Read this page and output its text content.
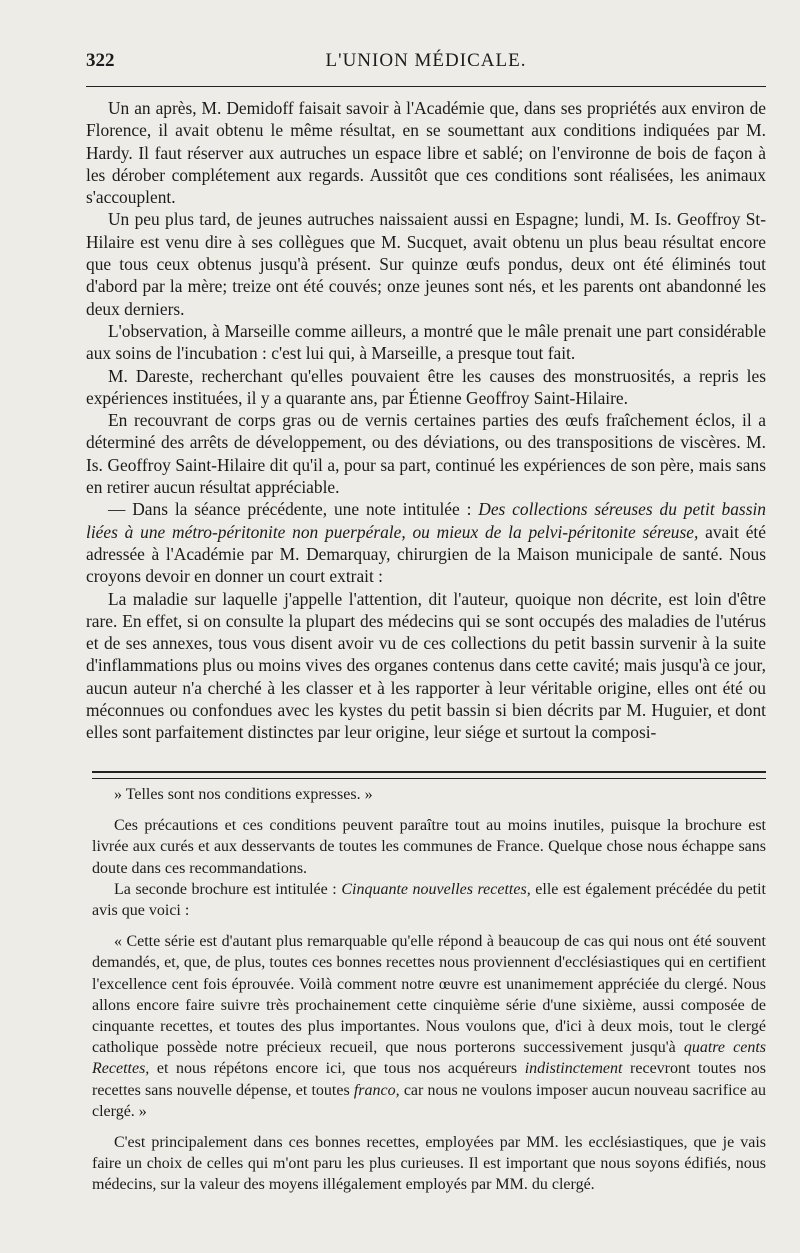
322	L'UNION MÉDICALE.

Un an après, M. Demidoff faisait savoir à l'Académie que, dans ses propriétés aux environ de Florence, il avait obtenu le même résultat, en se soumettant aux conditions indiquées par M. Hardy. Il faut réserver aux autruches un espace libre et sablé; on l'environne de bois de façon à les dérober complétement aux regards. Aussitôt que ces conditions sont réalisées, les animaux s'accouplent.

Un peu plus tard, de jeunes autruches naissaient aussi en Espagne; lundi, M. Is. Geoffroy St-Hilaire est venu dire à ses collègues que M. Sucquet, avait obtenu un plus beau résultat encore que tous ceux obtenus jusqu'à présent. Sur quinze œufs pondus, deux ont été éliminés tout d'abord par la mère; treize ont été couvés; onze jeunes sont nés, et les parents ont abandonné les deux derniers.

L'observation, à Marseille comme ailleurs, a montré que le mâle prenait une part considérable aux soins de l'incubation : c'est lui qui, à Marseille, a presque tout fait.

M. Dareste, recherchant qu'elles pouvaient être les causes des monstruosités, a repris les expériences instituées, il y a quarante ans, par Étienne Geoffroy Saint-Hilaire.

En recouvrant de corps gras ou de vernis certaines parties des œufs fraîchement éclos, il a déterminé des arrêts de développement, ou des déviations, ou des transpositions de viscères. M. Is. Geoffroy Saint-Hilaire dit qu'il a, pour sa part, continué les expériences de son père, mais sans en retirer aucun résultat appréciable.

— Dans la séance précédente, une note intitulée : Des collections séreuses du petit bassin liées à une métro-péritonite non puerpérale, ou mieux de la pelvi-péritonite séreuse, avait été adressée à l'Académie par M. Demarquay, chirurgien de la Maison municipale de santé. Nous croyons devoir en donner un court extrait :

La maladie sur laquelle j'appelle l'attention, dit l'auteur, quoique non décrite, est loin d'être rare. En effet, si on consulte la plupart des médecins qui se sont occupés des maladies de l'utérus et de ses annexes, tous vous disent avoir vu de ces collections du petit bassin survenir à la suite d'inflammations plus ou moins vives des organes contenus dans cette cavité; mais jusqu'à ce jour, aucun auteur n'a cherché à les classer et à les rapporter à leur véritable origine, elles ont été ou méconnues ou confondues avec les kystes du petit bassin si bien décrits par M. Huguier, et dont elles sont parfaitement distinctes par leur origine, leur siége et surtout la composi-

» Telles sont nos conditions expresses. »

Ces précautions et ces conditions peuvent paraître tout au moins inutiles, puisque la brochure est livrée aux curés et aux desservants de toutes les communes de France. Quelque chose nous échappe sans doute dans ces recommandations.

La seconde brochure est intitulée : Cinquante nouvelles recettes, elle est également précédée du petit avis que voici :

« Cette série est d'autant plus remarquable qu'elle répond à beaucoup de cas qui nous ont été souvent demandés, et, que, de plus, toutes ces bonnes recettes nous proviennent d'ecclésiastiques qui en certifient l'excellence cent fois éprouvée. Voilà comment notre œuvre est unanimement appréciée du clergé. Nous allons encore faire suivre très prochainement cette cinquième série d'une sixième, aussi composée de cinquante recettes, et toutes des plus importantes. Nous voulons que, d'ici à deux mois, tout le clergé catholique possède notre précieux recueil, que nous porterons successivement jusqu'à quatre cents Recettes, et nous répétons encore ici, que tous nos acquéreurs indistinctement recevront toutes nos recettes sans nouvelle dépense, et toutes franco, car nous ne voulons imposer aucun nouveau sacrifice au clergé. »

C'est principalement dans ces bonnes recettes, employées par MM. les ecclésiastiques, que je vais faire un choix de celles qui m'ont paru les plus curieuses. Il est important que nous soyons édifiés, nous médecins, sur la valeur des moyens illégalement employés par MM. du clergé.
